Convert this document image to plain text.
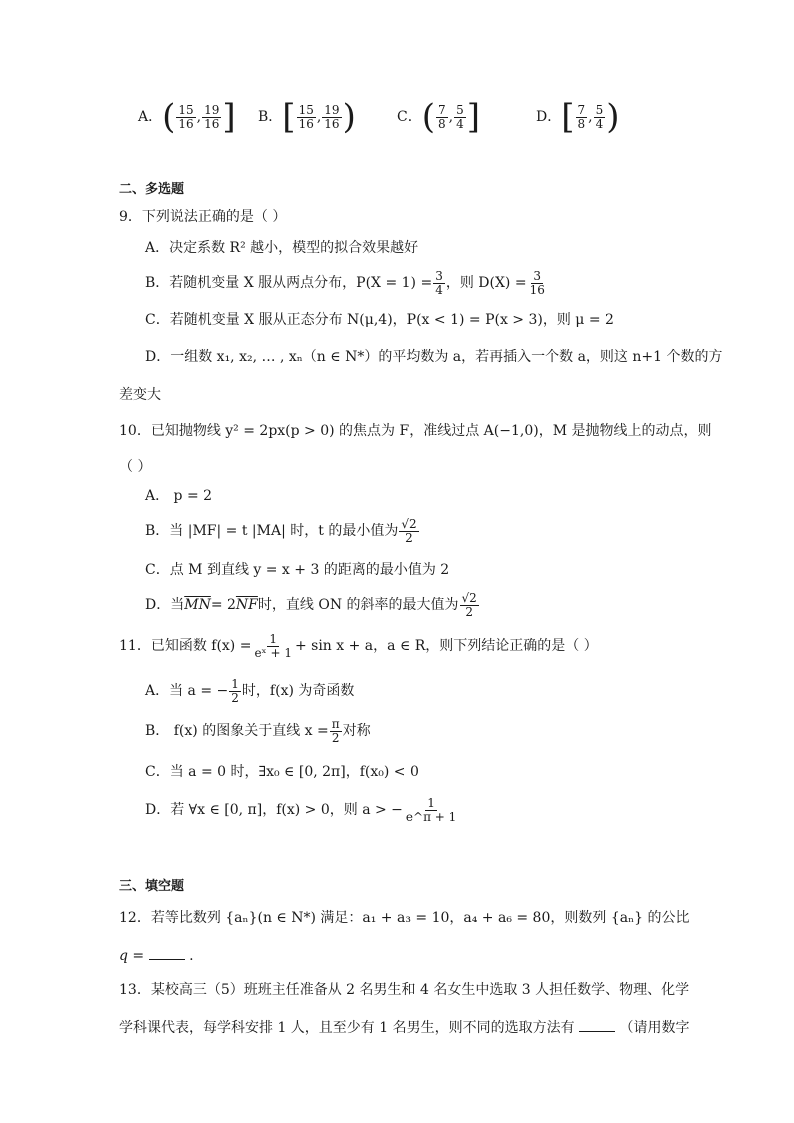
A． ( $\frac{15}{16}$ , $\frac{19}{16}$ ] B． [ $\frac{15}{16}$ , $\frac{19}{16}$ )	C． ( $\frac{7}{8}$ , $\frac{5}{4}$ ]	D． [ $\frac{7}{8}$ , $\frac{5}{4}$ )
二、多选题
9．下列说法正确的是（ ）
A．决定系数 R² 越小，模型的拟合效果越好
B．若随机变量 X 服从两点分布，$P(X = 1) = \frac{3}{4}$ ，则 $D(X) = \frac{3}{16}$
C．若随机变量 X 服从正态分布 N(μ,4)，P(x < 1) = P(x > 3)，则 μ = 2
D．一组数 x₁, x₂, … , xₙ（n ∈ N*）的平均数为 a，若再插入一个数 a，则这 n+1 个数的方
差变大
10．已知抛物线 y² = 2px(p > 0) 的焦点为 F，准线过点 A(−1,0)，M 是抛物线上的动点，则
（ ）
A． p = 2
B．当 |MF| = t |MA| 时，t 的最小值为 $\frac{√2}{2}$
C．点 M 到直线 y = x + 3 的距离的最小值为 2
D．当 $\overline{MN} = 2$ $\overline{NF}$ 时，直线 ON 的斜率的最大值为 $\frac{√2}{2}$
11．已知函数 $f(x) = \frac{1}{\text{eˣ + 1}} + \sin x + a$，a ∈ R，则下列结论正确的是（ ）
A．当 a = − $\frac{1}{2}$ 时，f(x) 为奇函数
B． f(x) 的图象关于直线 $x = \frac{\pi}{2}$ 对称
C．当 a = 0 时，∃x₀ ∈ [0, 2π]，f(x₀) < 0
D．若 ∀x ∈ [0, π]，f(x) > 0，则 a > − $\frac{1}{e\^{}\pi + 1}$
三、填空题
12．若等比数列 {aₙ}(n ∈ N*) 满足：a₁ + a₃ = 10，a₄ + a₆ = 80，则数列 {aₙ} 的公比
q =	.
13．某校高三（5）班班主任准备从 2 名男生和 4 名女生中选取 3 人担任数学、物理、化学
学科课代表，每学科安排 1 人，且至少有 1 名男生，则不同的选取方法有	（请用数字
